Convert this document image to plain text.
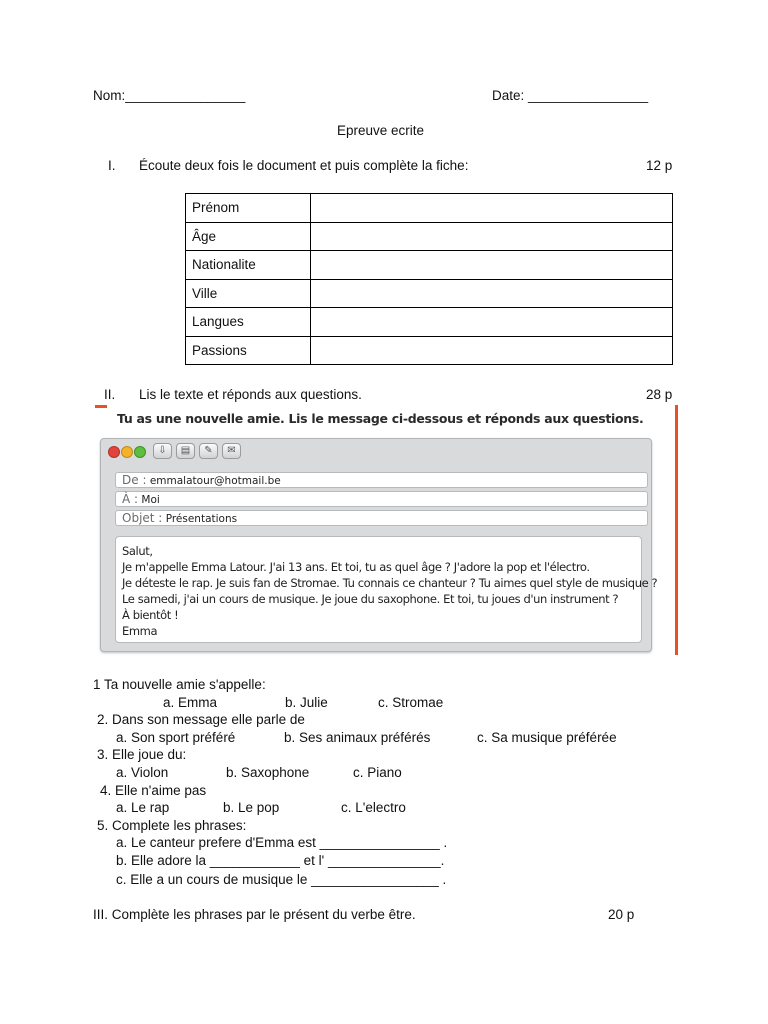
Nom:________________	Date: ________________
Epreuve ecrite
I. Écoute deux fois le document et puis complète la fiche:	12 p
Prénom	
Âge	
Nationalite	
Ville	
Langues	
Passions	
II. Lis le texte et réponds aux questions.	28 p
Tu as une nouvelle amie. Lis le message ci-dessous et réponds aux questions.
⇩	▤	✎	✉
De : emmalatour@hotmail.be
À : Moi
Objet : Présentations
Salut,
Je m'appelle Emma Latour. J'ai 13 ans. Et toi, tu as quel âge ? J'adore la pop et l'électro.
Je déteste le rap. Je suis fan de Stromae. Tu connais ce chanteur ? Tu aimes quel style de musique ?
Le samedi, j'ai un cours de musique. Je joue du saxophone. Et toi, tu joues d'un instrument ?
À bientôt !
Emma
1 Ta nouvelle amie s'appelle:
a. Emma	b. Julie	c. Stromae
2. Dans son message elle parle de
a. Son sport préféré	b. Ses animaux préférés	c. Sa musique préférée
3. Elle joue du:
a. Violon	b. Saxophone	c. Piano
4. Elle n'aime pas
a. Le rap	b. Le pop	c. L'electro
5. Complete les phrases:
a. Le canteur prefere d'Emma est ________________ .
b. Elle adore la ____________ et l' _______________.
c. Elle a un cours de musique le _________________ .
III. Complète les phrases par le présent du verbe être.	20 p
